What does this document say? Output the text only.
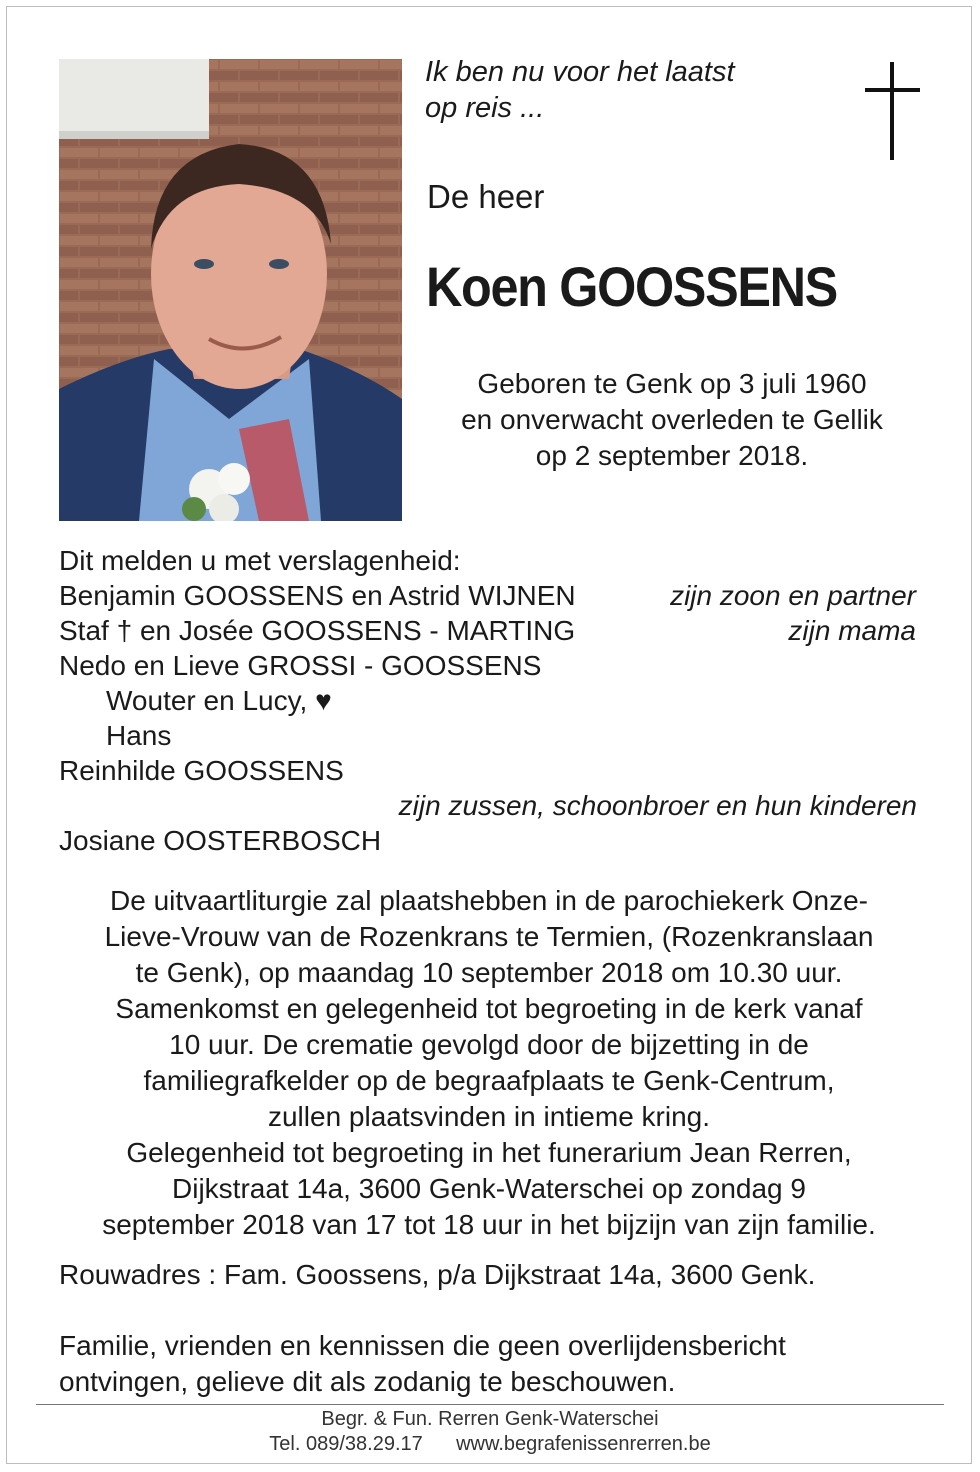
Ik ben nu voor het laatst
op reis ...
De heer
Koen GOOSSENS
Geboren te Genk op 3 juli 1960
en onverwacht overleden te Gellik
op 2 september 2018.
Dit melden u met verslagenheid:
Benjamin GOOSSENS en Astrid WIJNEN	zijn zoon en partner
Staf † en Josée GOOSSENS - MARTING	zijn mama
Nedo en Lieve GROSSI - GOOSSENS
Wouter en Lucy, ♥
Hans
Reinhilde GOOSSENS
zijn zussen, schoonbroer en hun kinderen
Josiane OOSTERBOSCH
De uitvaartliturgie zal plaatshebben in de parochiekerk Onze-
Lieve-Vrouw van de Rozenkrans te Termien, (Rozenkranslaan
te Genk), op maandag 10 september 2018 om 10.30 uur.
Samenkomst en gelegenheid tot begroeting in de kerk vanaf
10 uur. De crematie gevolgd door de bijzetting in de
familiegrafkelder op de begraafplaats te Genk-Centrum,
zullen plaatsvinden in intieme kring.
Gelegenheid tot begroeting in het funerarium Jean Rerren,
Dijkstraat 14a, 3600 Genk-Waterschei op zondag 9
september 2018 van 17 tot 18 uur in het bijzijn van zijn familie.
Rouwadres : Fam. Goossens, p/a Dijkstraat 14a, 3600 Genk.
Familie, vrienden en kennissen die geen overlijdensbericht
ontvingen, gelieve dit als zodanig te beschouwen.
Begr. & Fun. Rerren Genk-Waterschei
Tel. 089/38.29.17 www.begrafenissenrerren.be
